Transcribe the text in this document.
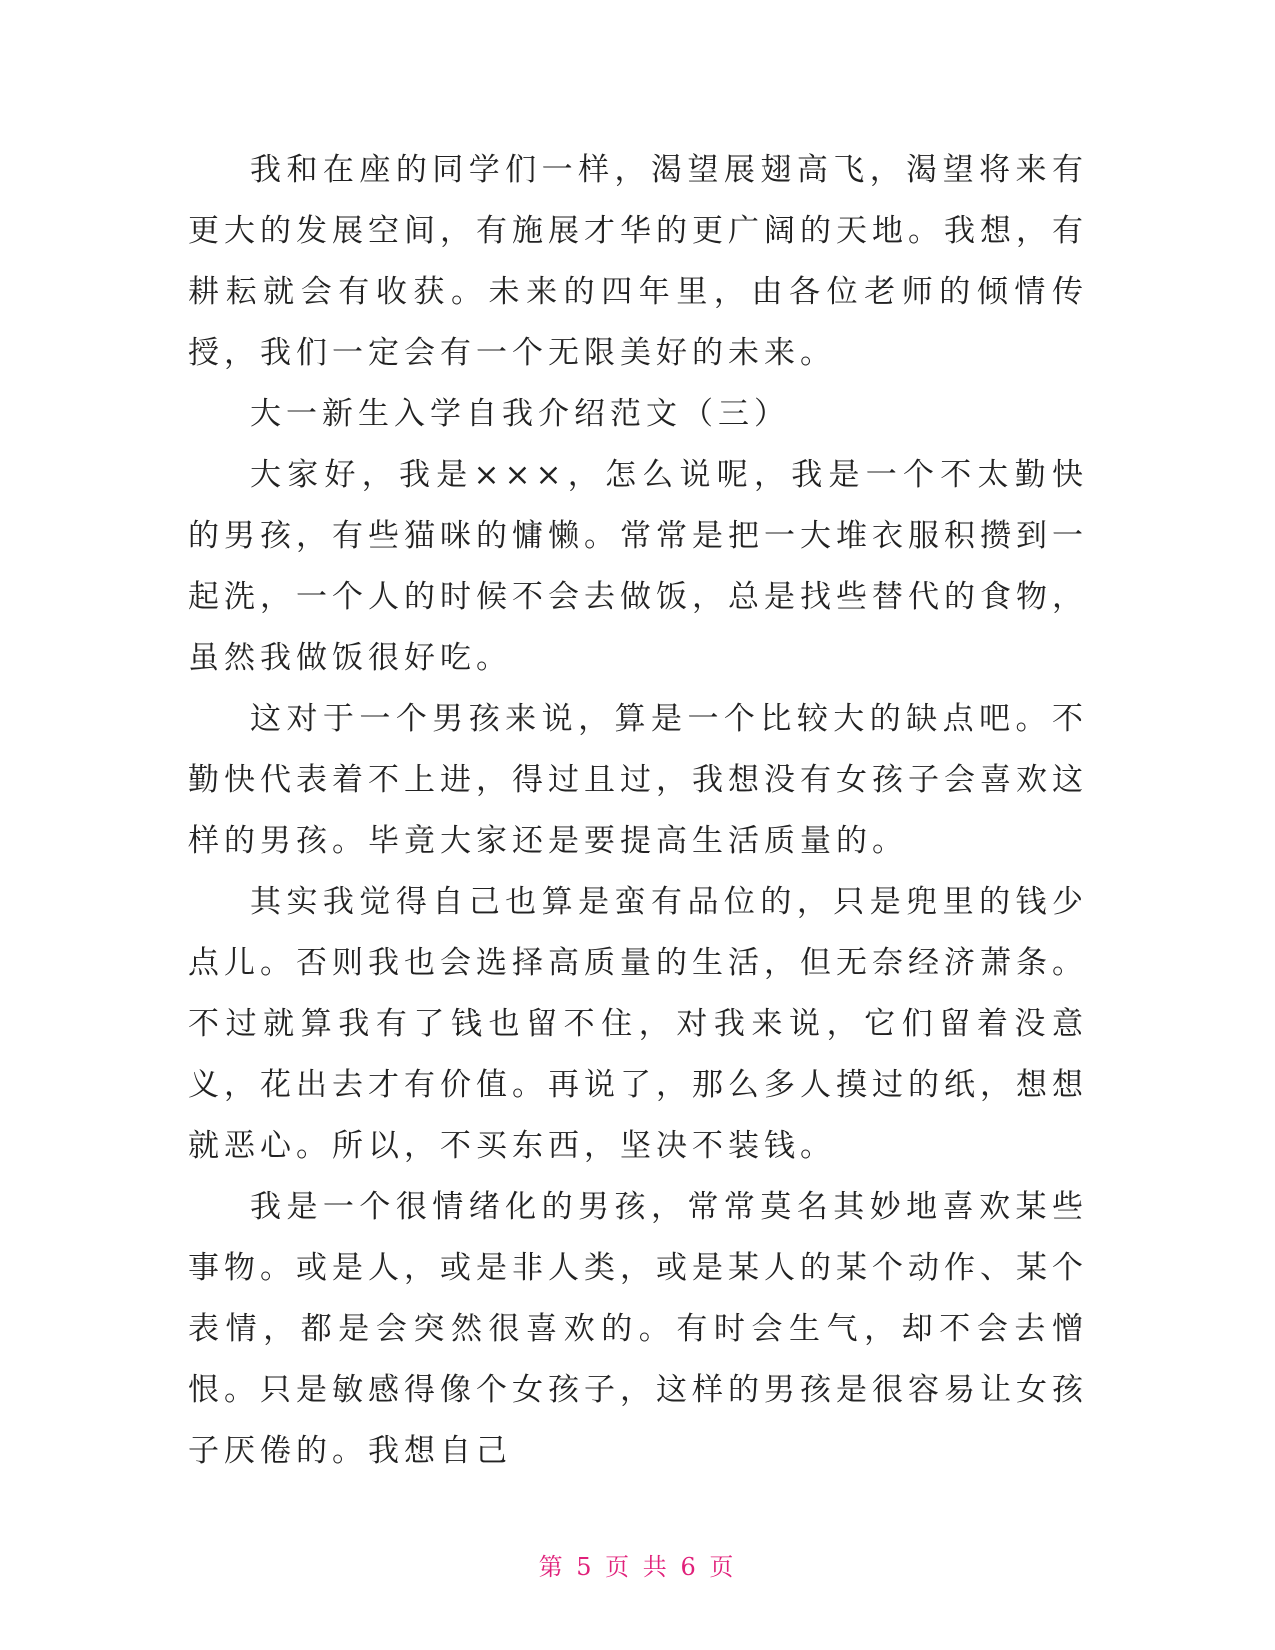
我和在座的同学们一样，渴望展翅高飞，渴望将来有更大的发展空间，有施展才华的更广阔的天地。我想，有耕耘就会有收获。未来的四年里，由各位老师的倾情传授，我们一定会有一个无限美好的未来。

大一新生入学自我介绍范文（三）

大家好，我是×××，怎么说呢，我是一个不太勤快的男孩，有些猫咪的慵懒。常常是把一大堆衣服积攒到一起洗，一个人的时候不会去做饭，总是找些替代的食物，虽然我做饭很好吃。

这对于一个男孩来说，算是一个比较大的缺点吧。不勤快代表着不上进，得过且过，我想没有女孩子会喜欢这样的男孩。毕竟大家还是要提高生活质量的。

其实我觉得自己也算是蛮有品位的，只是兜里的钱少点儿。否则我也会选择高质量的生活，但无奈经济萧条。不过就算我有了钱也留不住，对我来说，它们留着没意义，花出去才有价值。再说了，那么多人摸过的纸，想想就恶心。所以，不买东西，坚决不装钱。

我是一个很情绪化的男孩，常常莫名其妙地喜欢某些事物。或是人，或是非人类，或是某人的某个动作、某个表情，都是会突然很喜欢的。有时会生气，却不会去憎恨。只是敏感得像个女孩子，这样的男孩是很容易让女孩子厌倦的。我想自己

第 5 页 共 6 页
